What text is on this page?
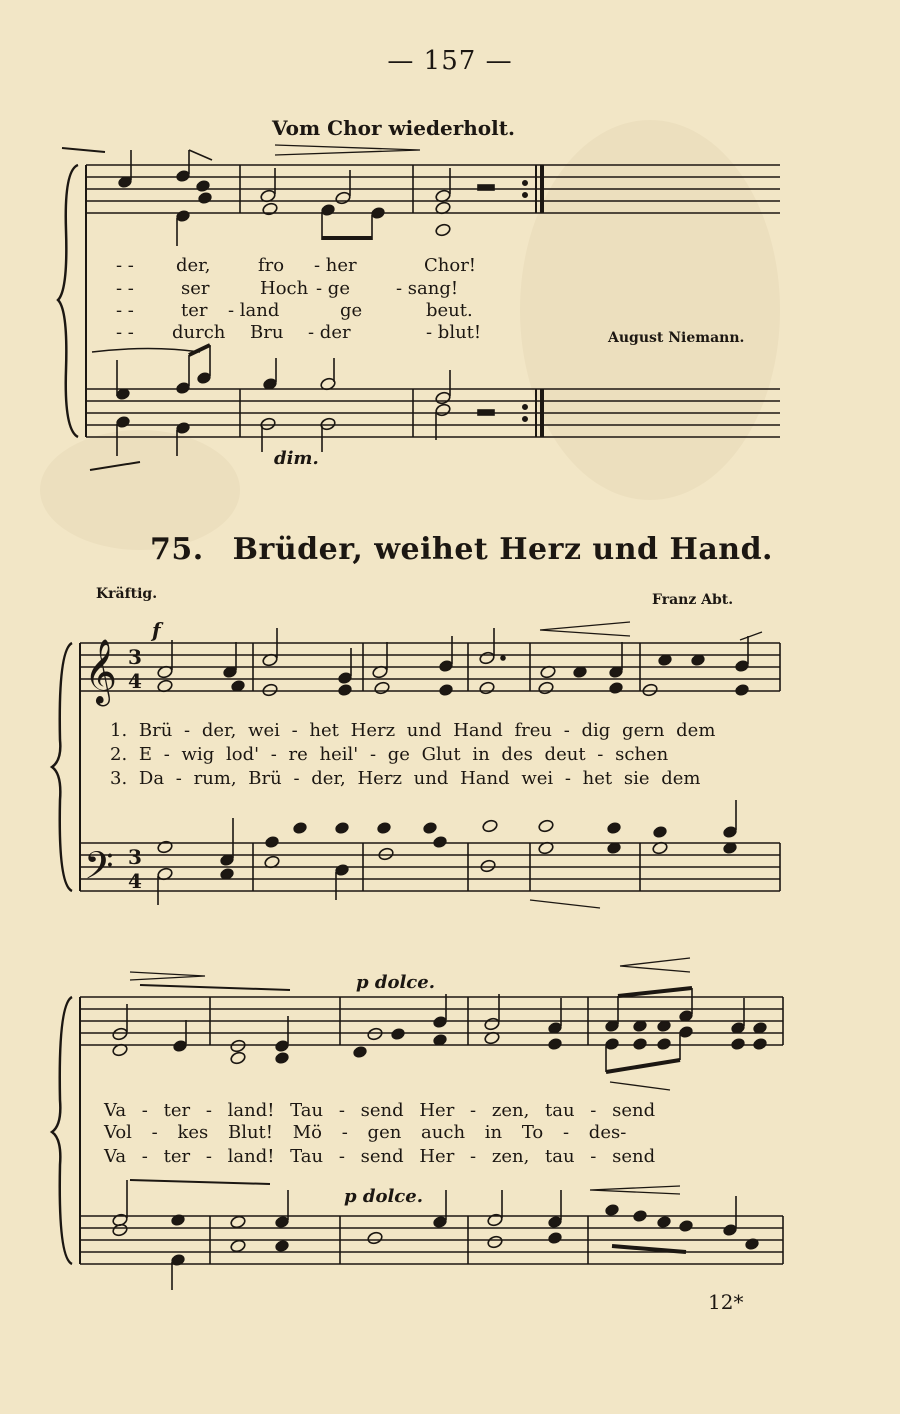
— 157 —
Vom Chor wiederholt.
- - der,	fro - her	Chor!
- -	ser	Hoch - ge	- sang!
- -	ter - land	ge	beut.
- - durch Bru - der	- blut!	August Niemann.
dim.
75. Brüder, weihet Herz und Hand.
Kräftig.	Franz Abt.
f
𝄞
𝄢
3
4
3
4
1. Brü - der, wei - het Herz und Hand freu - dig gern dem
2. E - wig lod' - re heil' - ge Glut in des deut - schen
3. Da - rum, Brü - der, Herz und Hand wei - het sie dem
p dolce.
Va - ter - land! Tau - send Her - zen, tau - send
Vol - kes Blut! Mö - gen auch in To - des-
Va - ter - land! Tau - send Her - zen, tau - send
p dolce.
12*
